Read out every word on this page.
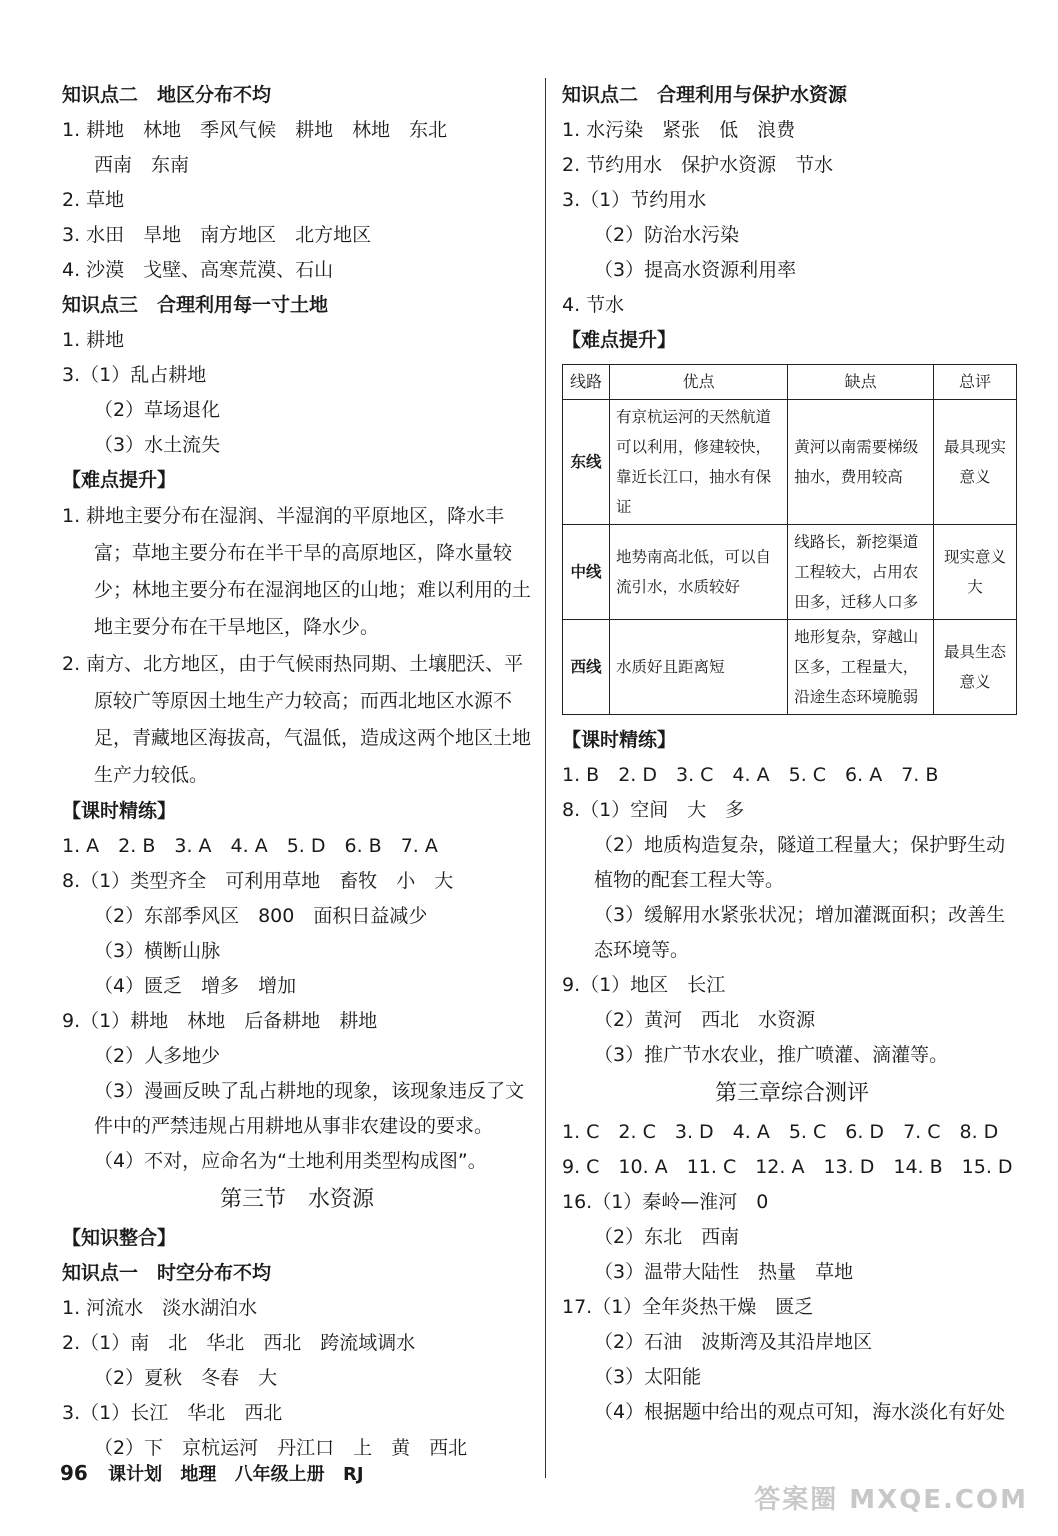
知识点二　地区分布不均
1. 耕地　林地　季风气候　耕地　林地　东北
西南　东南
2. 草地
3. 水田　旱地　南方地区　北方地区
4. 沙漠　戈壁、高寒荒漠、石山
知识点三　合理利用每一寸土地
1. 耕地
3.（1）乱占耕地
（2）草场退化
（3）水土流失
【难点提升】
1. 耕地主要分布在湿润、半湿润的平原地区，降水丰富；草地主要分布在半干旱的高原地区，降水量较少；林地主要分布在湿润地区的山地；难以利用的土地主要分布在干旱地区，降水少。
2. 南方、北方地区，由于气候雨热同期、土壤肥沃、平原较广等原因土地生产力较高；而西北地区水源不足，青藏地区海拔高，气温低，造成这两个地区土地生产力较低。
【课时精练】
1. A　2. B　3. A　4. A　5. D　6. B　7. A
8.（1）类型齐全　可利用草地　畜牧　小　大
（2）东部季风区　800　面积日益减少
（3）横断山脉
（4）匮乏　增多　增加
9.（1）耕地　林地　后备耕地　耕地
（2）人多地少
（3）漫画反映了乱占耕地的现象，该现象违反了文件中的严禁违规占用耕地从事非农建设的要求。
（4）不对，应命名为“土地利用类型构成图”。
第三节　水资源
【知识整合】
知识点一　时空分布不均
1. 河流水　淡水湖泊水
2.（1）南　北　华北　西北　跨流域调水
（2）夏秋　冬春　大
3.（1）长江　华北　西北
（2）下　京杭运河　丹江口　上　黄　西北
知识点二　合理利用与保护水资源
1. 水污染　紧张　低　浪费
2. 节约用水　保护水资源　节水
3.（1）节约用水
（2）防治水污染
（3）提高水资源利用率
4. 节水
【难点提升】
线路	优点	缺点	总评
东线	有京杭运河的天然航道可以利用，修建较快，靠近长江口，抽水有保证	黄河以南需要梯级抽水，费用较高	最具现实意义
中线	地势南高北低，可以自流引水，水质较好	线路长，新挖渠道工程较大，占用农田多，迁移人口多	现实意义大
西线	水质好且距离短	地形复杂，穿越山区多，工程量大，沿途生态环境脆弱	最具生态意义
【课时精练】
1. B　2. D　3. C　4. A　5. C　6. A　7. B
8.（1）空间　大　多
（2）地质构造复杂，隧道工程量大；保护野生动植物的配套工程大等。
（3）缓解用水紧张状况；增加灌溉面积；改善生态环境等。
9.（1）地区　长江
（2）黄河　西北　水资源
（3）推广节水农业，推广喷灌、滴灌等。
第三章综合测评
1. C　2. C　3. D　4. A　5. C　6. D　7. C　8. D
9. C　10. A　11. C　12. A　13. D　14. B　15. D
16.（1）秦岭—淮河　0
（2）东北　西南
（3）温带大陆性　热量　草地
17.（1）全年炎热干燥　匮乏
（2）石油　波斯湾及其沿岸地区
（3）太阳能
（4）根据题中给出的观点可知，海水淡化有好处
96 课计划 地理 八年级上册 RJ
答案圈 MXQE.COM
